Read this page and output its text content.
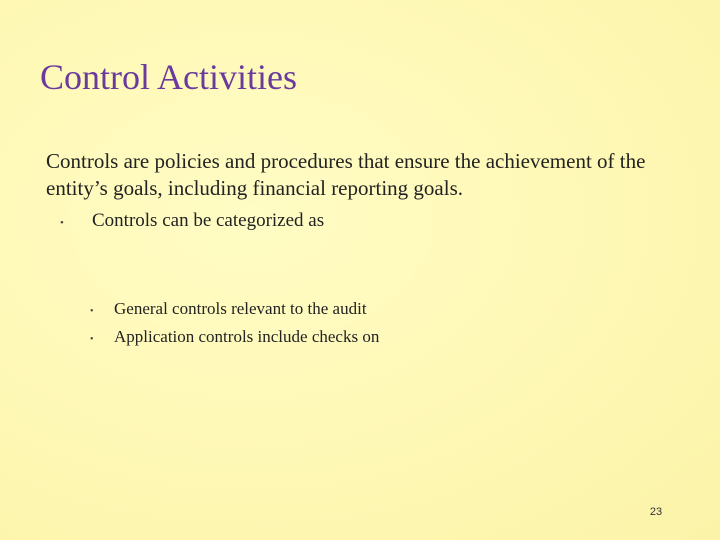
Control Activities
Controls are policies and procedures that ensure the achievement of the entity’s goals, including financial reporting goals.
•	Controls can be categorized as
•	General controls relevant to the audit
•	Application controls include checks on
23
